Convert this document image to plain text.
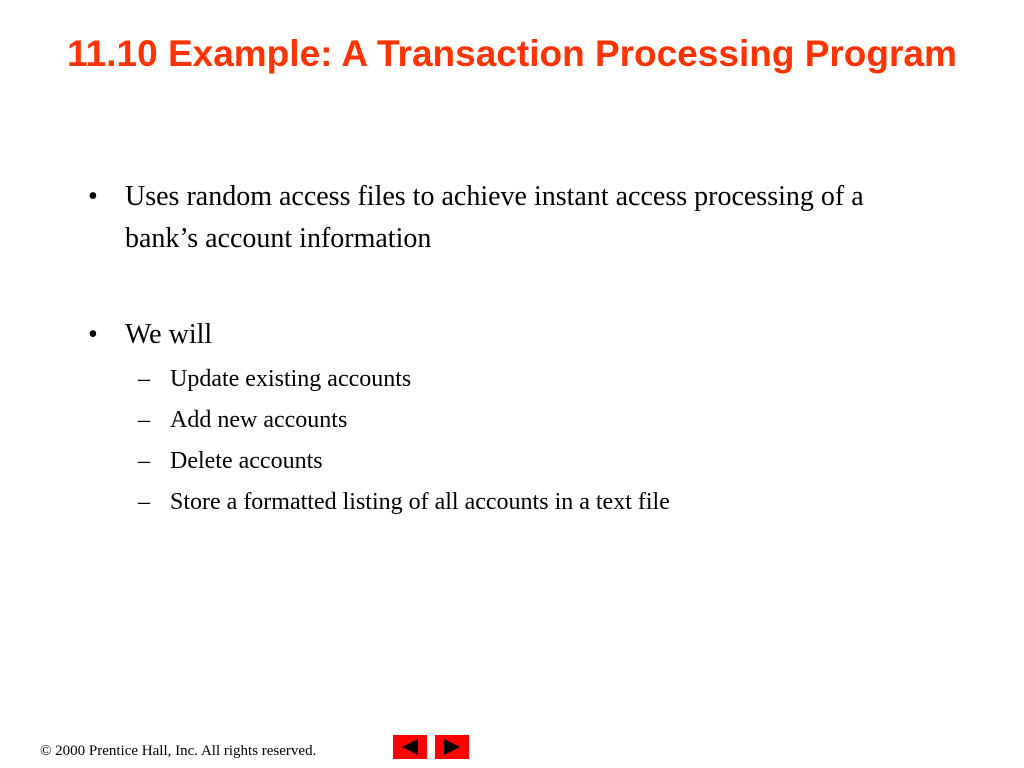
11.10 Example: A Transaction Processing Program
• Uses random access files to achieve instant access processing of a bank’s account information
• We will
– Update existing accounts
– Add new accounts
– Delete accounts
– Store a formatted listing of all accounts in a text file
© 2000 Prentice Hall, Inc. All rights reserved.
